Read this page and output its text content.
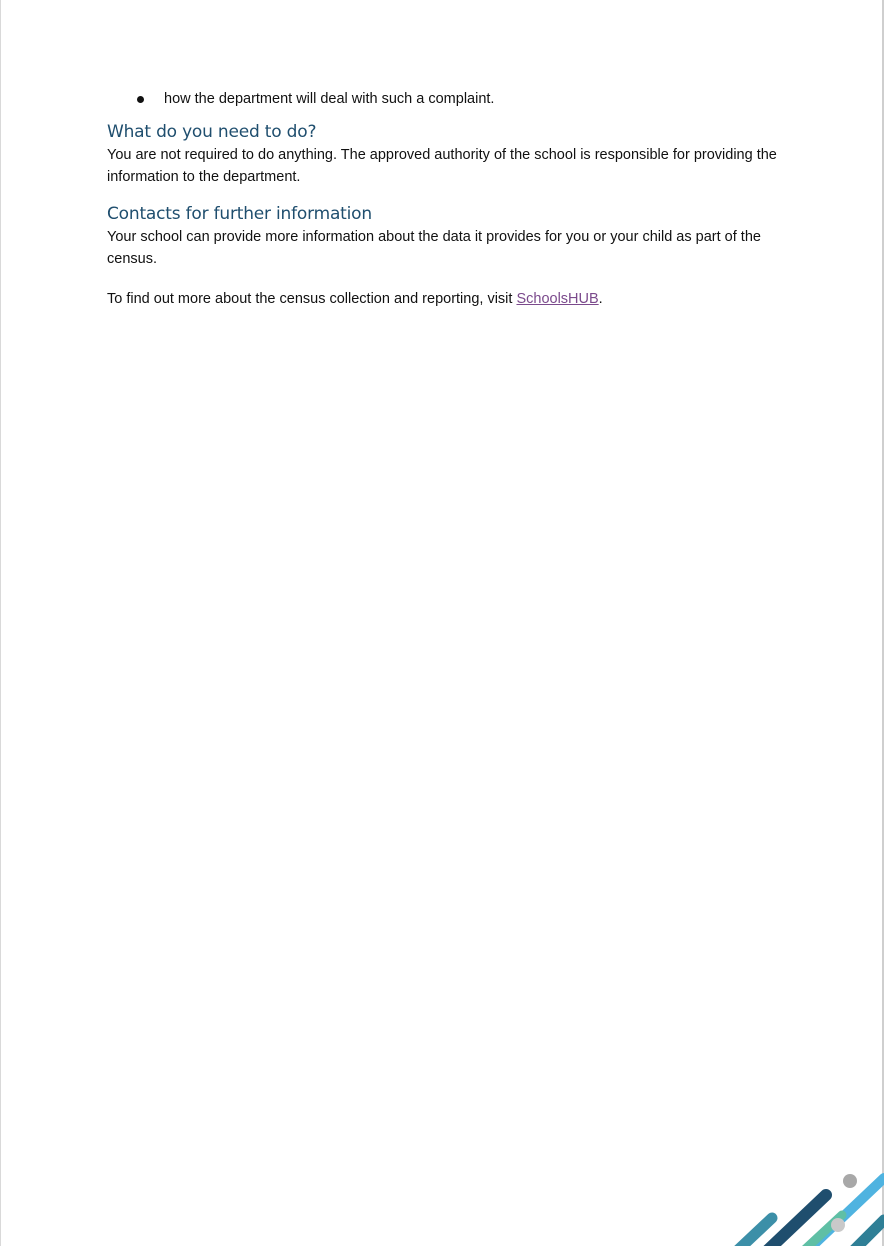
how the department will deal with such a complaint.
What do you need to do?

You are not required to do anything. The approved authority of the school is responsible for providing the information to the department.

Contacts for further information

Your school can provide more information about the data it provides for you or your child as part of the census.

To find out more about the census collection and reporting, visit SchoolsHUB.
